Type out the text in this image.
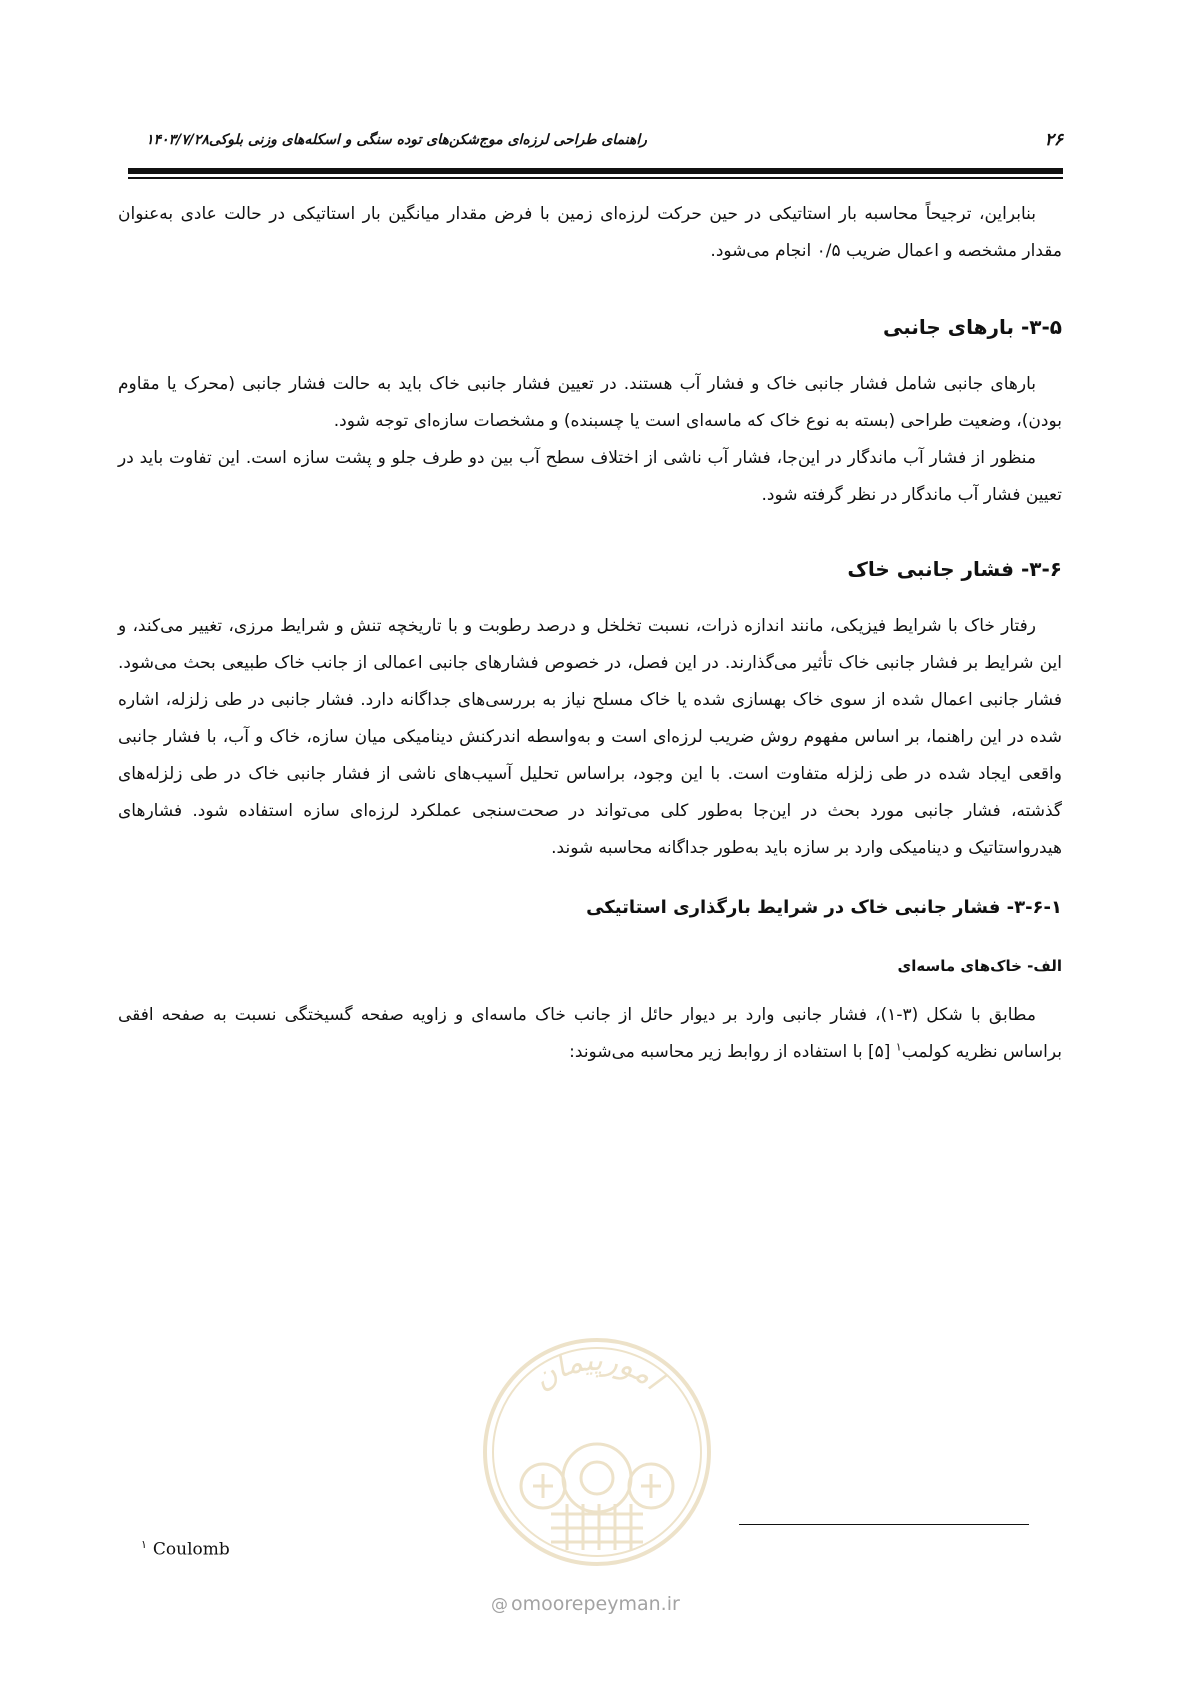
۲۶
راهنمای طراحی لرزه‌ای موج‌شکن‌های توده سنگی و اسکله‌های وزنی بلوکی۱۴۰۳/۷/۲۸

بنابراین، ترجیحاً محاسبه بار استاتیکی در حین حرکت لرزه‌ای زمین با فرض مقدار میانگین بار استاتیکی در حالت عادی به‌عنوان مقدار مشخصه و اعمال ضریب ۰/۵ انجام می‌شود.

۳-۵- بارهای جانبی

بارهای جانبی شامل فشار جانبی خاک و فشار آب هستند. در تعیین فشار جانبی خاک باید به حالت فشار جانبی (محرک یا مقاوم بودن)، وضعیت طراحی (بسته به نوع خاک که ماسه‌ای است یا چسبنده) و مشخصات سازه‌ای توجه شود.

منظور از فشار آب ماندگار در این‌جا، فشار آب ناشی از اختلاف سطح آب بین دو طرف جلو و پشت سازه است. این تفاوت باید در تعیین فشار آب ماندگار در نظر گرفته شود.

۳-۶- فشار جانبی خاک

رفتار خاک با شرایط فیزیکی، مانند اندازه ذرات، نسبت تخلخل و درصد رطوبت و با تاریخچه تنش و شرایط مرزی، تغییر می‌کند، و این شرایط بر فشار جانبی خاک تأثیر می‌گذارند. در این فصل، در خصوص فشارهای جانبی اعمالی از جانب خاک طبیعی بحث می‌شود. فشار جانبی اعمال شده از سوی خاک بهسازی شده یا خاک مسلح نیاز به بررسی‌های جداگانه دارد. فشار جانبی در طی زلزله، اشاره شده در این راهنما، بر اساس مفهوم روش ضریب لرزه‌ای است و به‌واسطه اندرکنش دینامیکی میان سازه، خاک و آب، با فشار جانبی واقعی ایجاد شده در طی زلزله متفاوت است. با این وجود، براساس تحلیل آسیب‌های ناشی از فشار جانبی خاک در طی زلزله‌های گذشته، فشار جانبی مورد بحث در این‌جا به‌طور کلی می‌تواند در صحت‌سنجی عملکرد لرزه‌ای سازه استفاده شود. فشارهای هیدرواستاتیک و دینامیکی وارد بر سازه باید به‌طور جداگانه محاسبه شوند.

۳-۶-۱- فشار جانبی خاک در شرایط بارگذاری استاتیکی
الف- خاک‌های ماسه‌ای

مطابق با شکل (۳-۱)، فشار جانبی وارد بر دیوار حائل از جانب خاک ماسه‌ای و زاویه صفحه گسیختگی نسبت به صفحه افقی براساس نظریه کولمب$^۱$ [۵] با استفاده از روابط زیر محاسبه می‌شوند:

$^۱$ Coulomb
امورپیمان
@ omoorepeyman.ir
